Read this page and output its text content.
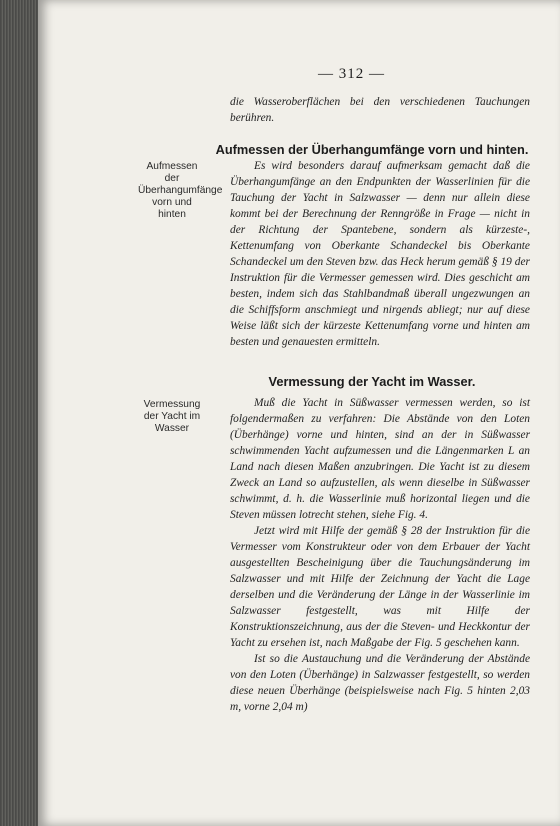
— 312 —

die Wasseroberflächen bei den verschiedenen Tauchungen berühren.

Aufmessen der Überhangumfänge vorn und hinten.
Aufmessen der Überhangumfänge vorn und hinten

Es wird besonders darauf aufmerksam gemacht daß die Überhangumfänge an den Endpunkten der Wasserlinien für die Tauchung der Yacht in Salzwasser — denn nur allein diese kommt bei der Berechnung der Renngröße in Frage — nicht in der Richtung der Spantebene, sondern als kürzeste-, Kettenumfang von Oberkante Schandeckel bis Oberkante Schandeckel um den Steven bzw. das Heck herum gemäß § 19 der Instruktion für die Vermesser gemessen wird. Dies geschicht am besten, indem sich das Stahlbandmaß überall ungezwungen an die Schiffsform anschmiegt und nirgends abliegt; nur auf diese Weise läßt sich der kürzeste Kettenumfang vorne und hinten am besten und genauesten ermitteln.

Vermessung der Yacht im Wasser.
Vermessung der Yacht im Wasser

Muß die Yacht in Süßwasser vermessen werden, so ist folgendermaßen zu verfahren: Die Abstände von den Loten (Überhänge) vorne und hinten, sind an der in Süßwasser schwimmenden Yacht aufzumessen und die Längenmarken L an Land nach diesen Maßen anzubringen. Die Yacht ist zu diesem Zweck an Land so aufzustellen, als wenn dieselbe in Süßwasser schwimmt, d. h. die Wasserlinie muß horizontal liegen und die Steven müssen lotrecht stehen, siehe Fig. 4.

Jetzt wird mit Hilfe der gemäß § 28 der Instruktion für die Vermesser vom Konstrukteur oder von dem Erbauer der Yacht ausgestellten Bescheinigung über die Tauchungsänderung im Salzwasser und mit Hilfe der Zeichnung der Yacht die Lage derselben und die Veränderung der Länge in der Wasserlinie im Salzwasser festgestellt, was mit Hilfe der Konstruktionszeichnung, aus der die Steven- und Heckkontur der Yacht zu ersehen ist, nach Maßgabe der Fig. 5 geschehen kann.

Ist so die Austauchung und die Veränderung der Abstände von den Loten (Überhänge) in Salzwasser festgestellt, so werden diese neuen Überhänge (beispielsweise nach Fig. 5 hinten 2,03 m, vorne 2,04 m)
